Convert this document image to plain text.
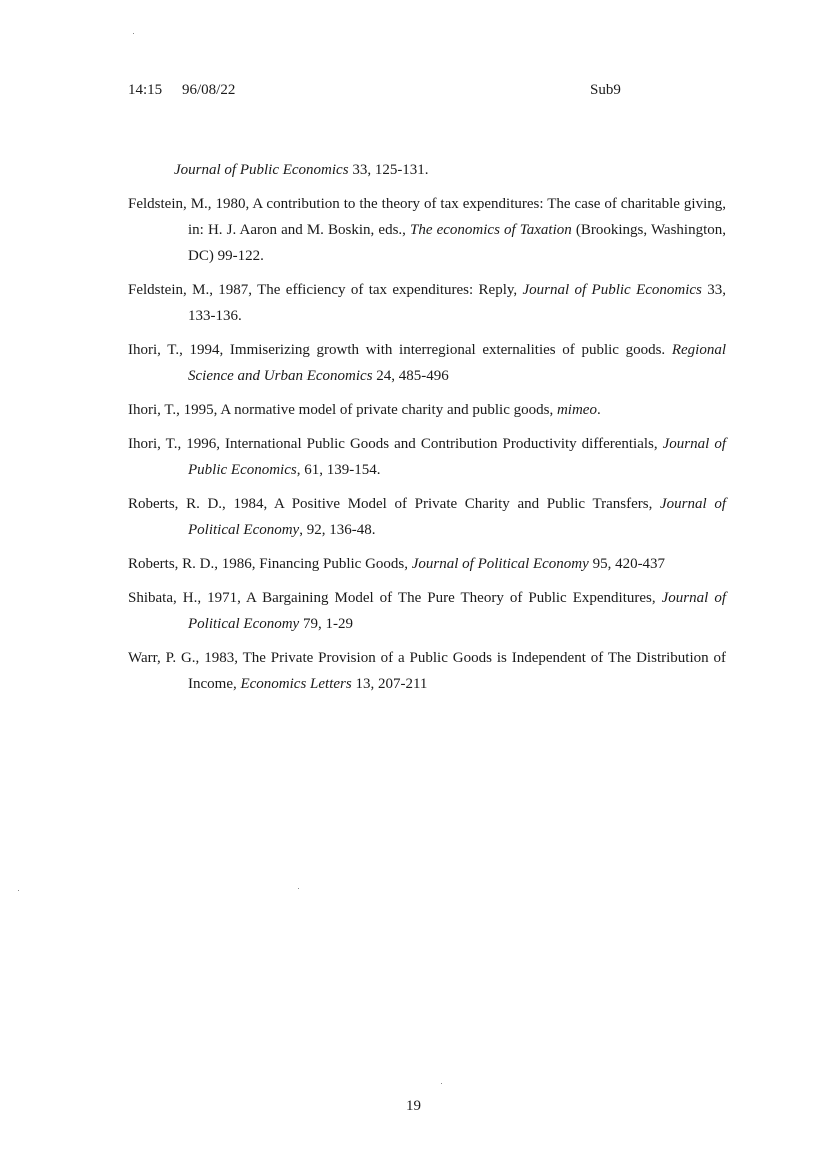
14:15 96/08/22	Sub9

Journal of Public Economics 33, 125-131.

Feldstein, M., 1980, A contribution to the theory of tax expenditures: The case of charitable giving, in: H. J. Aaron and M. Boskin, eds., The economics of Taxation (Brookings, Washington, DC) 99-122.

Feldstein, M., 1987, The efficiency of tax expenditures: Reply, Journal of Public Economics 33, 133-136.

Ihori, T., 1994, Immiserizing growth with interregional externalities of public goods. Regional Science and Urban Economics 24, 485-496

Ihori, T., 1995, A normative model of private charity and public goods, mimeo.

Ihori, T., 1996, International Public Goods and Contribution Productivity differentials, Journal of Public Economics, 61, 139-154.

Roberts, R. D., 1984, A Positive Model of Private Charity and Public Transfers, Journal of Political Economy, 92, 136-48.

Roberts, R. D., 1986, Financing Public Goods, Journal of Political Economy 95, 420-437

Shibata, H., 1971, A Bargaining Model of The Pure Theory of Public Expenditures, Journal of Political Economy 79, 1-29

Warr, P. G., 1983, The Private Provision of a Public Goods is Independent of The Distribution of Income, Economics Letters 13, 207-211

19
